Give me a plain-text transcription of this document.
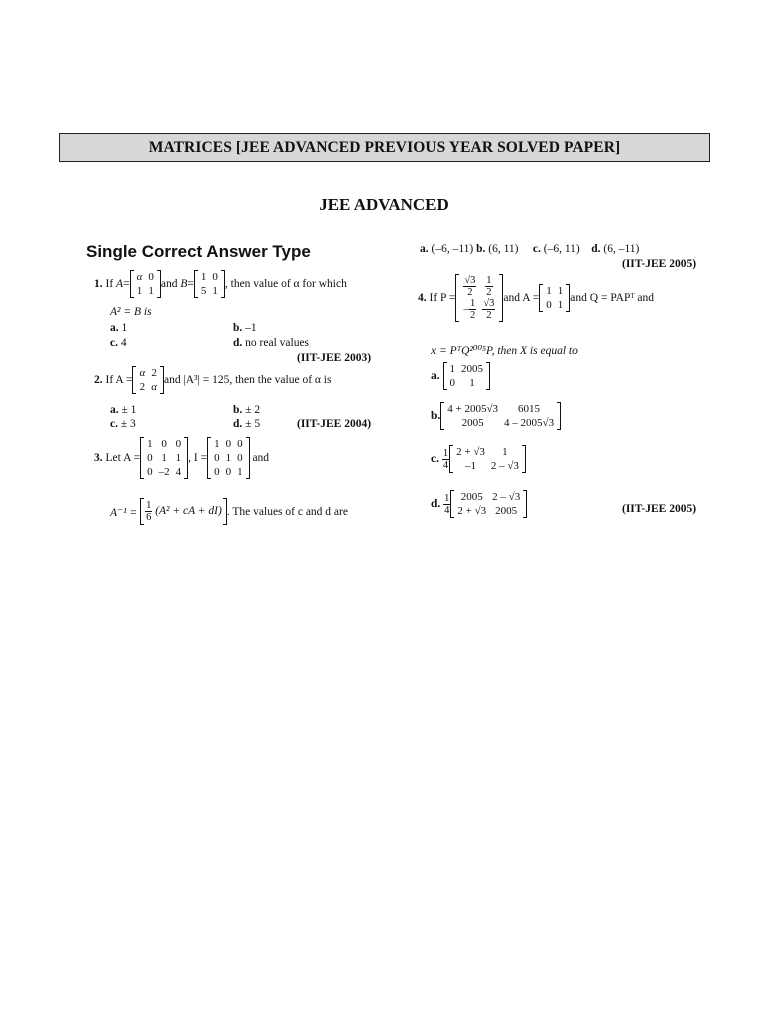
MATRICES [JEE ADVANCED PREVIOUS YEAR SOLVED PAPER]
JEE ADVANCED
Single Correct Answer Type
1.
If
A =
α	0
1	1
and
B =
1	0
5	1
, then value of α for which
A² = B is
a. 1	b. –1
c. 4	d. no real values
(IIT-JEE 2003)
2.
If A =
α	2
2	α
and |A³| = 125, then the value of α is
a. ± 1	b. ± 2
c. ± 3	d. ± 5	(IIT-JEE 2004)
3.
Let A =
1	0	0
0	1	1
0	–2	4
, I =
1	0	0
0	1	0
0	0	1

and
A⁻¹ =
$\frac{1}{6} (A^2$ + cA + dI) . The values of c and d are
a. (–6, –11) b. (6, 11) c. (–6, 11) d. (6, –11)
(IIT-JEE 2005)
4.
If $P = \frac{√3}{2}$	$\frac{1}{2}$

– $\frac{1}{2}$	$\frac{√3}{2}$ and A =
1	1
0	1
and Q = PAPᵀ and
x = PᵀQ²⁰⁰⁵P, then X is equal to
a.

1	2005
0	1
b.
4 + 2005√3	6015
2005	4 – 2005√3
c.
$\frac{1}{4} 2 + √3$	1
–1	2 – √3
d.
$\frac{1}{4} 2005$	2 – √3
2 + √3	2005	(IIT-JEE 2005)
